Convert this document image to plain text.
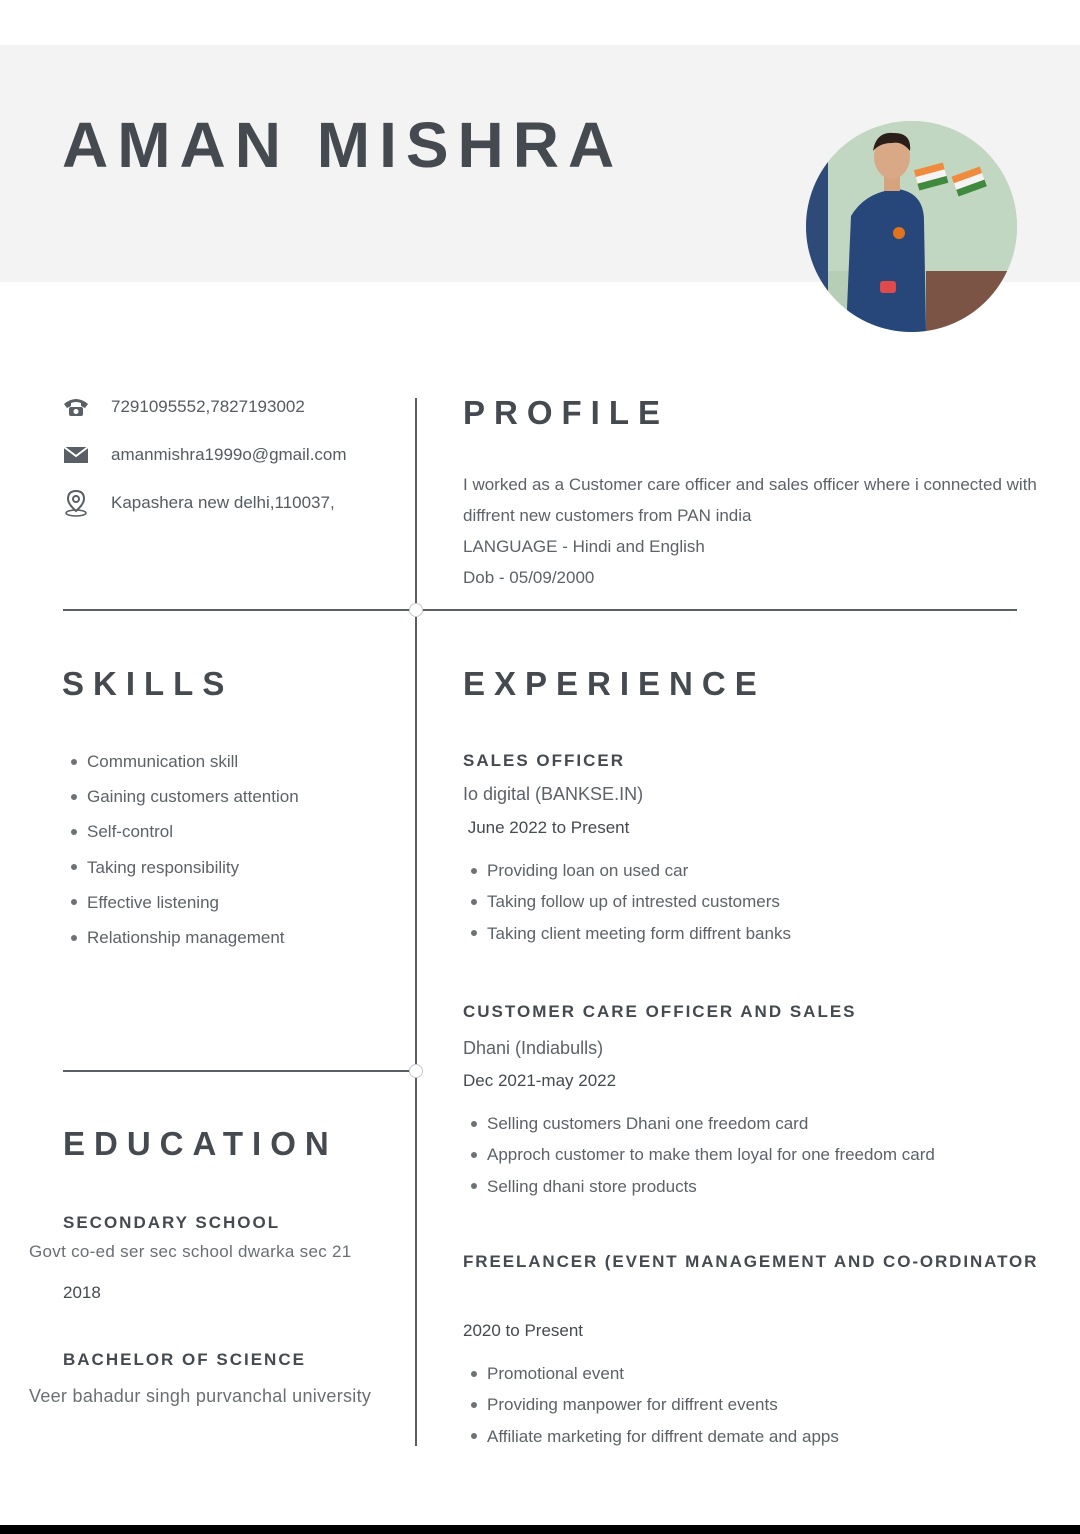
AMAN MISHRA
7291095552,7827193002
amanmishra1999o@gmail.com
Kapashera new delhi,110037,
PROFILE
I worked as a Customer care officer and sales officer where i connected with diffrent new customers from PAN india
LANGUAGE - Hindi and English
Dob - 05/09/2000
SKILLS
Communication skill
Gaining customers attention
Self-control
Taking responsibility
Effective listening
Relationship management
EDUCATION
SECONDARY SCHOOL
Govt co-ed ser sec school dwarka sec 21
2018
BACHELOR OF SCIENCE
Veer bahadur singh purvanchal university
EXPERIENCE
SALES OFFICER
Io digital (BANKSE.IN)
June 2022 to Present
Providing loan on used car
Taking follow up of intrested customers
Taking client meeting form diffrent banks
CUSTOMER CARE OFFICER AND SALES
Dhani (Indiabulls)
Dec 2021-may 2022
Selling customers Dhani one freedom card
Approch customer to make them loyal for one freedom card
Selling dhani store products
FREELANCER (EVENT MANAGEMENT AND CO-ORDINATOR
2020 to Present
Promotional event
Providing manpower for diffrent events
Affiliate marketing for diffrent demate and apps
